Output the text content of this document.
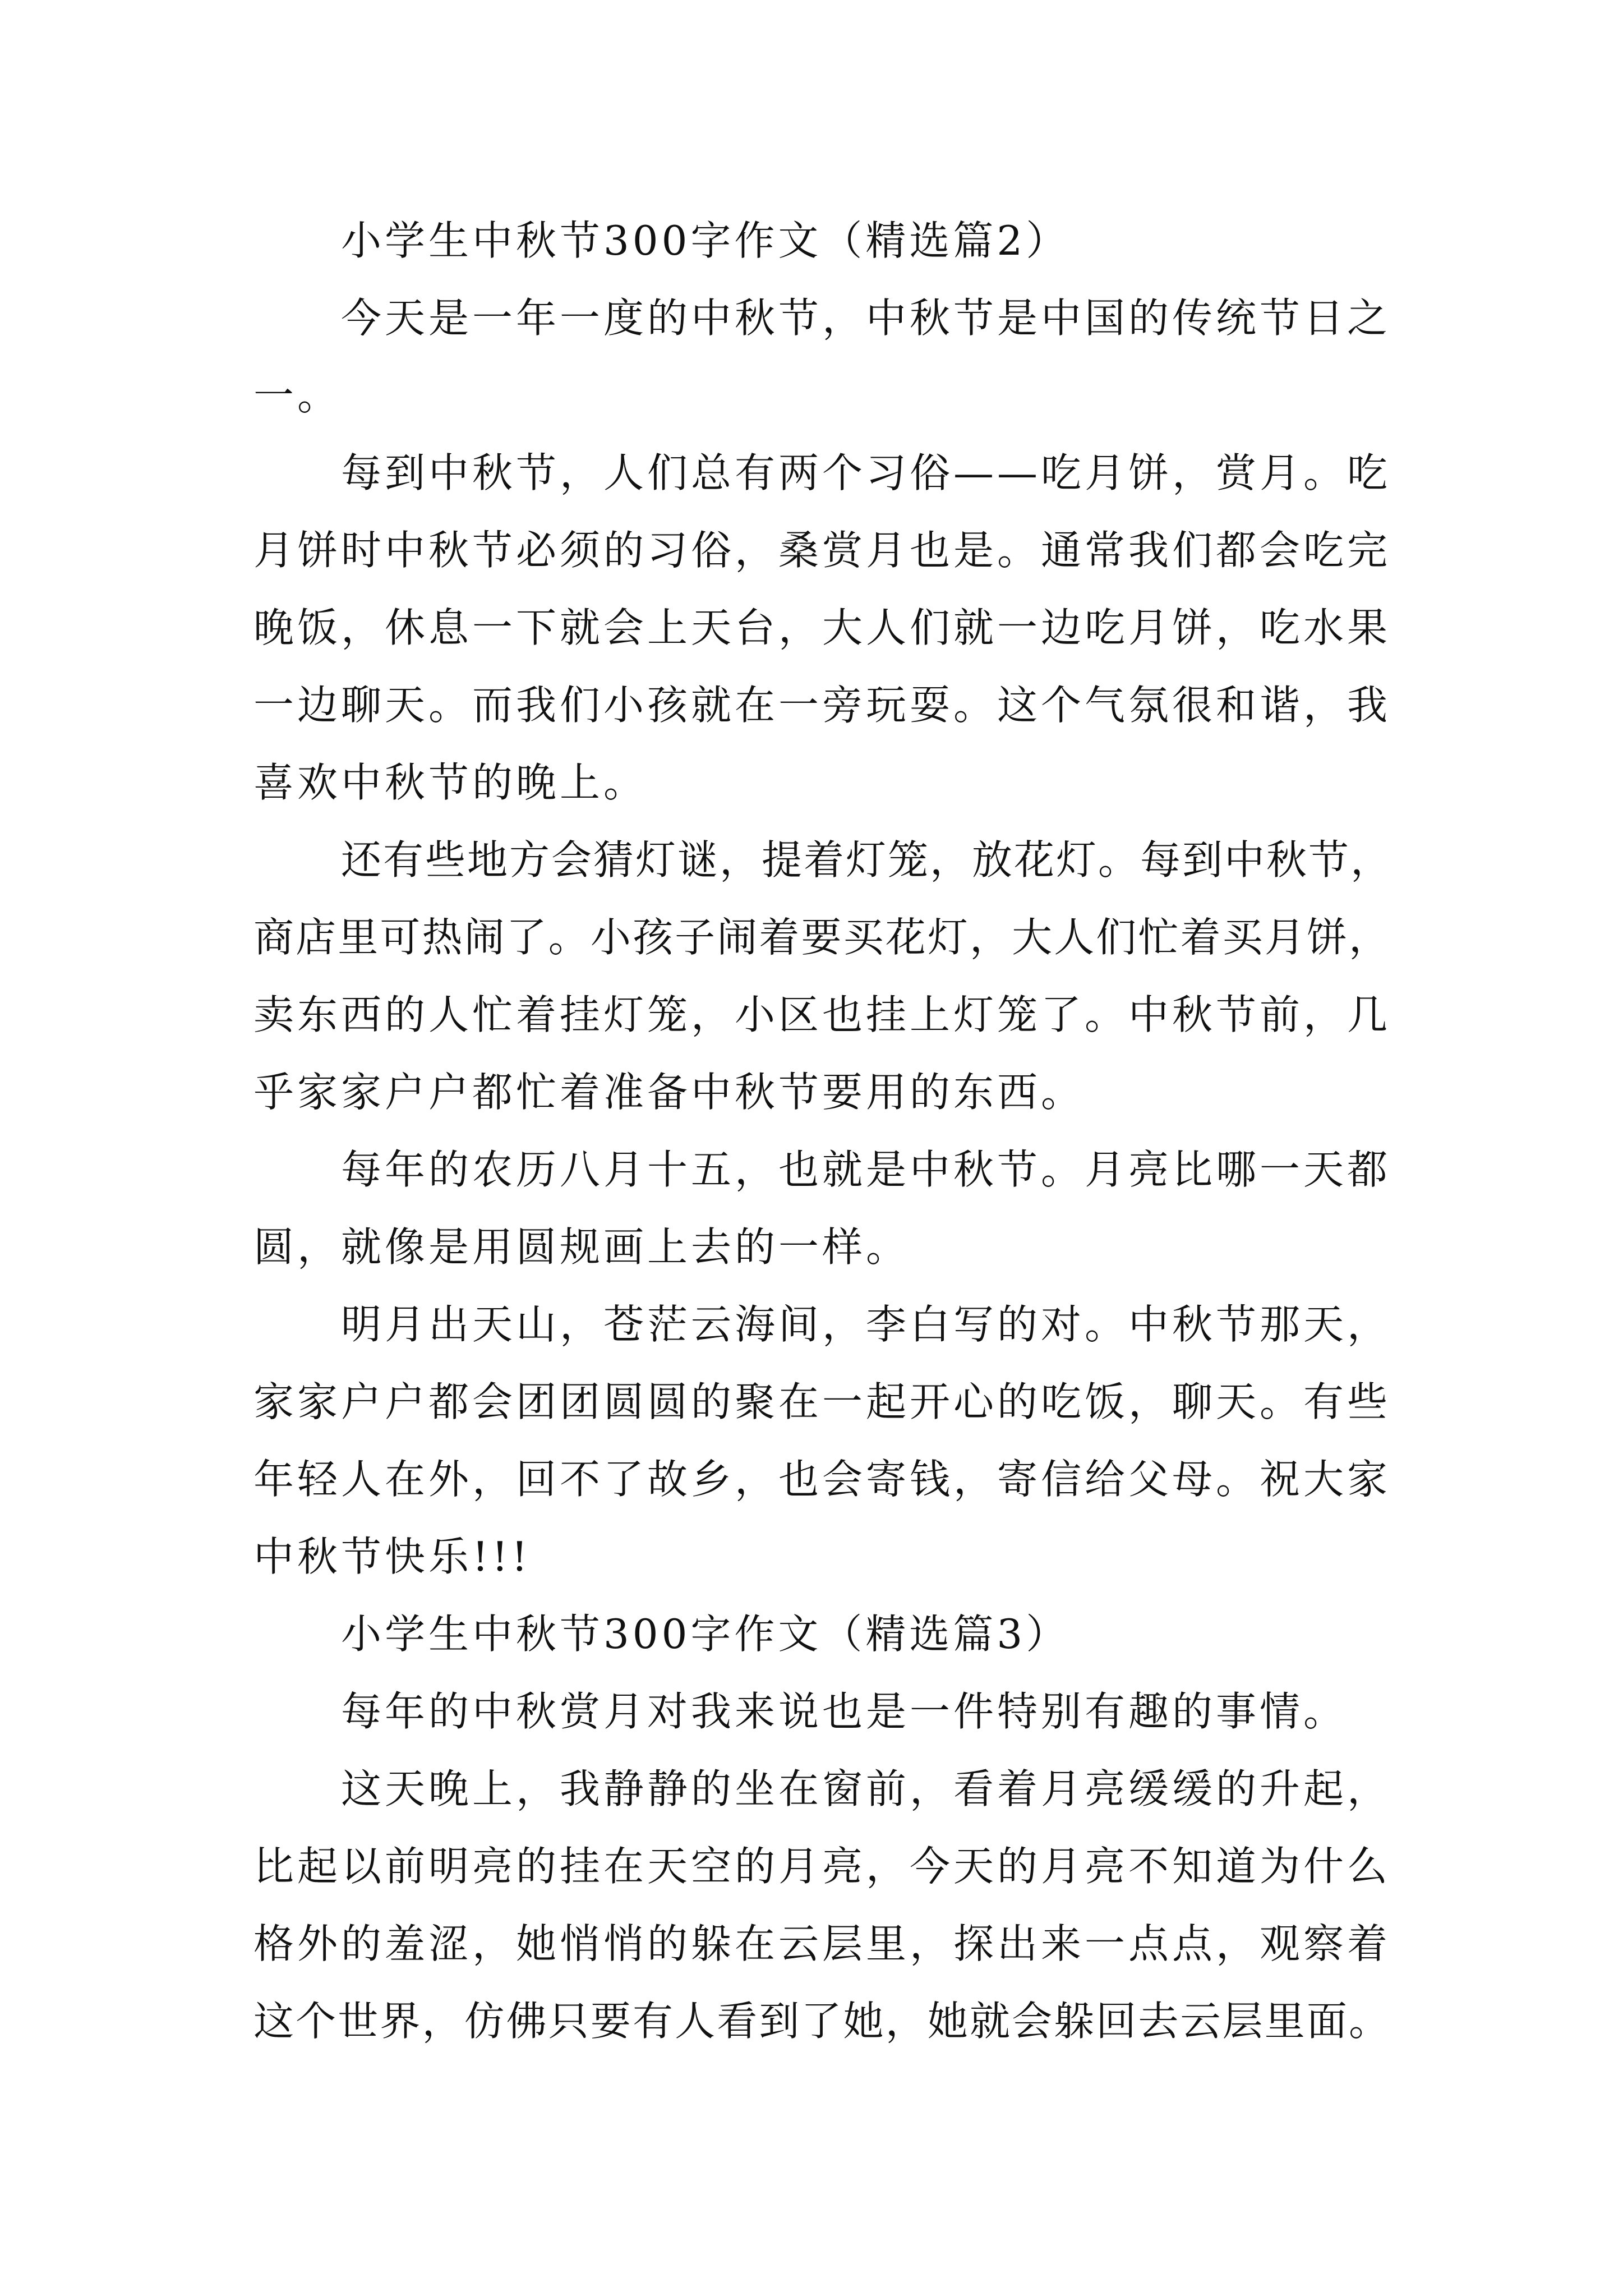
小学生中秋节300字作文（精选篇2）
今天是一年一度的中秋节，中秋节是中国的传统节日之
一。
每到中秋节，人们总有两个习俗——吃月饼，赏月。吃
月饼时中秋节必须的习俗，桑赏月也是。通常我们都会吃完
晚饭，休息一下就会上天台，大人们就一边吃月饼，吃水果
一边聊天。而我们小孩就在一旁玩耍。这个气氛很和谐，我
喜欢中秋节的晚上。
还有些地方会猜灯谜，提着灯笼，放花灯。每到中秋节，
商店里可热闹了。小孩子闹着要买花灯，大人们忙着买月饼，
卖东西的人忙着挂灯笼，小区也挂上灯笼了。中秋节前，几
乎家家户户都忙着准备中秋节要用的东西。
每年的农历八月十五，也就是中秋节。月亮比哪一天都
圆，就像是用圆规画上去的一样。
明月出天山，苍茫云海间，李白写的对。中秋节那天，
家家户户都会团团圆圆的聚在一起开心的吃饭，聊天。有些
年轻人在外，回不了故乡，也会寄钱，寄信给父母。祝大家
中秋节快乐!!!
小学生中秋节300字作文（精选篇3）
每年的中秋赏月对我来说也是一件特别有趣的事情。
这天晚上，我静静的坐在窗前，看着月亮缓缓的升起，
比起以前明亮的挂在天空的月亮，今天的月亮不知道为什么
格外的羞涩，她悄悄的躲在云层里，探出来一点点，观察着
这个世界，仿佛只要有人看到了她，她就会躲回去云层里面。
